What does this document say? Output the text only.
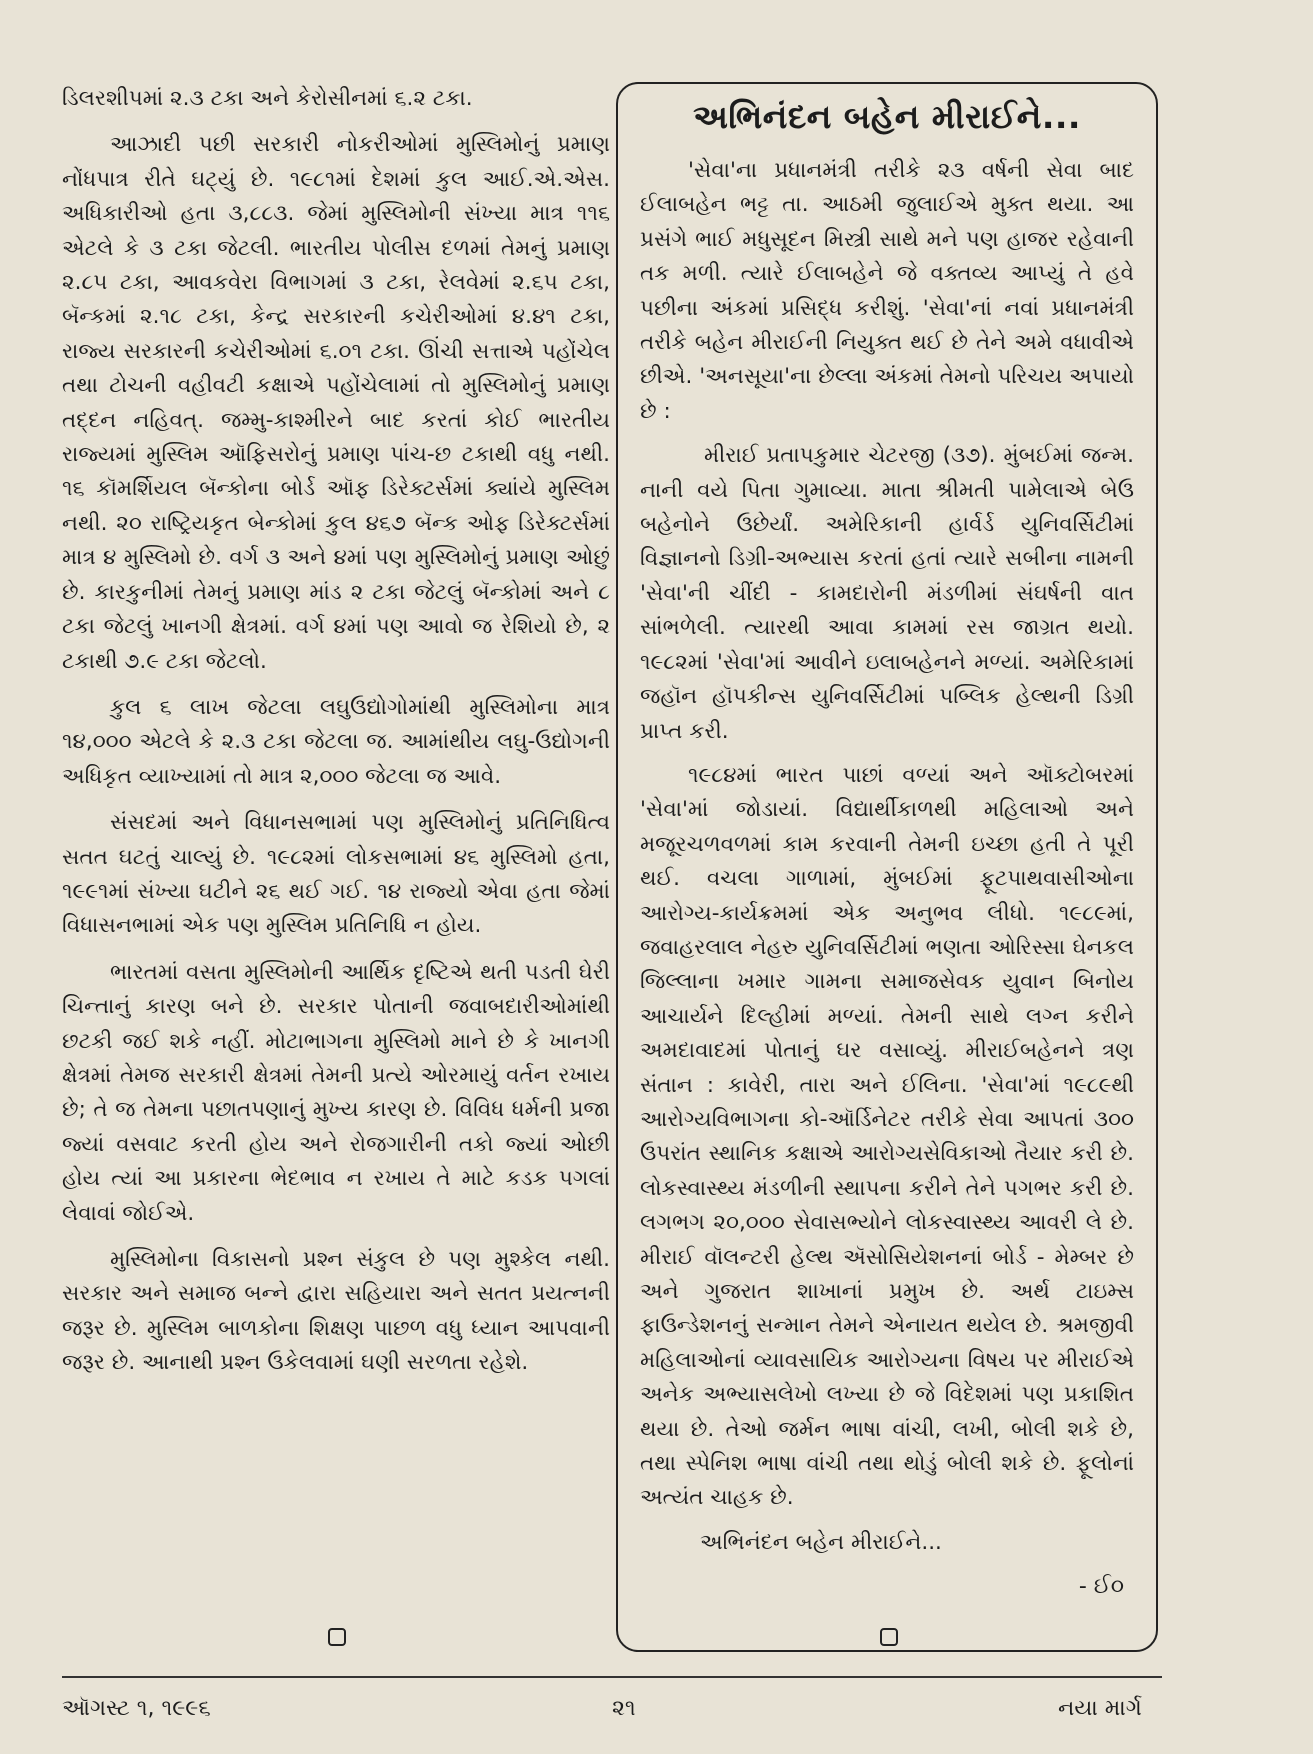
ડિલરશીપમાં ૨.૩ ટકા અને કેરોસીનમાં ૬.૨ ટકા.

આઝાદી પછી સરકારી નોકરીઓમાં મુસ્લિમોનું પ્રમાણ નોંધપાત્ર રીતે ઘટ્યું છે. ૧૯૮૧માં દેશમાં કુલ આઈ.એ.એસ. અધિકારીઓ હતા ૩,૮૮૩. જેમાં મુસ્લિમોની સંખ્યા માત્ર ૧૧૬ એટલે કે ૩ ટકા જેટલી. ભારતીય પોલીસ દળમાં તેમનું પ્રમાણ ૨.૮૫ ટકા, આવકવેરા વિભાગમાં ૩ ટકા, રેલવેમાં ૨.૬૫ ટકા, બૅન્કમાં ૨.૧૮ ટકા, કેન્દ્ર સરકારની કચેરીઓમાં ૪.૪૧ ટકા, રાજ્ય સરકારની કચેરીઓમાં ૬.૦૧ ટકા. ઊંચી સત્તાએ પહોંચેલ તથા ટોચની વહીવટી કક્ષાએ પહોંચેલામાં તો મુસ્લિમોનું પ્રમાણ તદ્દન નહિવત્. જમ્મુ-કાશ્મીરને બાદ કરતાં કોઈ ભારતીય રાજ્યમાં મુસ્લિમ ઑફિસરોનું પ્રમાણ પાંચ-છ ટકાથી વધુ નથી. ૧૬ કૉમર્શિયલ બૅન્કોના બોર્ડ ઑફ ડિરેક્ટર્સમાં ક્યાંયે મુસ્લિમ નથી. ૨૦ રાષ્ટ્રિયકૃત બેન્કોમાં કુલ ૪૬૭ બૅન્ક ઓફ ડિરેક્ટર્સમાં માત્ર ૪ મુસ્લિમો છે. વર્ગ ૩ અને ૪માં પણ મુસ્લિમોનું પ્રમાણ ઓછું છે. કારકુનીમાં તેમનું પ્રમાણ માંડ ૨ ટકા જેટલું બૅન્કોમાં અને ૮ ટકા જેટલું ખાનગી ક્ષેત્રમાં. વર્ગ ૪માં પણ આવો જ રેશિયો છે, ૨ ટકાથી ૭.૯ ટકા જેટલો.

કુલ ૬ લાખ જેટલા લઘુઉદ્યોગોમાંથી મુસ્લિમોના માત્ર ૧૪,૦૦૦ એટલે કે ૨.૩ ટકા જેટલા જ. આમાંથીય લઘુ-ઉદ્યોગની અધિકૃત વ્યાખ્યામાં તો માત્ર ૨,૦૦૦ જેટલા જ આવે.

સંસદમાં અને વિધાનસભામાં પણ મુસ્લિમોનું પ્રતિનિધિત્વ સતત ઘટતું ચાલ્યું છે. ૧૯૮૨માં લોકસભામાં ૪૬ મુસ્લિમો હતા, ૧૯૯૧માં સંખ્યા ઘટીને ૨૬ થઈ ગઈ. ૧૪ રાજ્યો એવા હતા જેમાં વિધાસનભામાં એક પણ મુસ્લિમ પ્રતિનિધિ ન હોય.

ભારતમાં વસતા મુસ્લિમોની આર્થિક દૃષ્ટિએ થતી પડતી ઘેરી ચિન્તાનું કારણ બને છે. સરકાર પોતાની જવાબદારીઓમાંથી છટકી જઈ શકે નહીં. મોટાભાગના મુસ્લિમો માને છે કે ખાનગી ક્ષેત્રમાં તેમજ સરકારી ક્ષેત્રમાં તેમની પ્રત્યે ઓરમાયું વર્તન રખાય છે; તે જ તેમના પછાતપણાનું મુખ્ય કારણ છે. વિવિધ ધર્મની પ્રજા જ્યાં વસવાટ કરતી હોય અને રોજગારીની તકો જ્યાં ઓછી હોય ત્યાં આ પ્રકારના ભેદભાવ ન રખાય તે માટે કડક પગલાં લેવાવાં જોઈએ.

મુસ્લિમોના વિકાસનો પ્રશ્ન સંકુલ છે પણ મુશ્કેલ નથી. સરકાર અને સમાજ બન્ને દ્વારા સહિયારા અને સતત પ્રયત્નની જરૂર છે. મુસ્લિમ બાળકોના શિક્ષણ પાછળ વધુ ધ્યાન આપવાની જરૂર છે. આનાથી પ્રશ્ન ઉકેલવામાં ઘણી સરળતા રહેશે.

અભિનંદન બહેન મીરાઈને...

'સેવા'ના પ્રધાનમંત્રી તરીકે ૨૩ વર્ષની સેવા બાદ ઈલાબહેન ભટ્ટ તા. આઠમી જુલાઈએ મુક્ત થયા. આ પ્રસંગે ભાઈ મધુસૂદન મિસ્ત્રી સાથે મને પણ હાજર રહેવાની તક મળી. ત્યારે ઈલાબહેને જે વક્તવ્ય આપ્યું તે હવે પછીના અંકમાં પ્રસિદ્ધ કરીશું. 'સેવા'નાં નવાં પ્રધાનમંત્રી તરીકે બહેન મીરાઈની નિયુક્ત થઈ છે તેને અમે વધાવીએ છીએ. 'અનસૂયા'ના છેલ્લા અંકમાં તેમનો પરિચય અપાયો છે :

મીરાઈ પ્રતાપકુમાર ચેટરજી (૩૭). મુંબઈમાં જન્મ. નાની વયે પિતા ગુમાવ્યા. માતા શ્રીમતી પામેલાએ બેઉ બહેનોને ઉછેર્યાં. અમેરિકાની હાર્વર્ડ યુનિવર્સિટીમાં વિજ્ઞાનનો ડિગ્રી-અભ્યાસ કરતાં હતાં ત્યારે સબીના નામની 'સેવા'ની ચીંદી - કામદારોની મંડળીમાં સંઘર્ષની વાત સાંભળેલી. ત્યારથી આવા કામમાં રસ જાગ્રત થયો. ૧૯૮૨માં 'સેવા'માં આવીને ઇલાબહેનને મળ્યાં. અમેરિકામાં જહૉન હૉપકીન્સ યુનિવર્સિટીમાં પબ્લિક હેલ્થની ડિગ્રી પ્રાપ્ત કરી.

૧૯૮૪માં ભારત પાછાં વળ્યાં અને ઑક્ટોબરમાં 'સેવા'માં જોડાયાં. વિદ્યાર્થીકાળથી મહિલાઓ અને મજૂરચળવળમાં કામ કરવાની તેમની ઇચ્છા હતી તે પૂરી થઈ. વચલા ગાળામાં, મુંબઈમાં ફૂટપાથવાસીઓના આરોગ્ય-કાર્યક્રમમાં એક અનુભવ લીધો. ૧૯૮૯માં, જવાહરલાલ નેહરુ યુનિવર્સિટીમાં ભણતા ઓરિસ્સા ઘેનકલ જિલ્લાના ખમાર ગામના સમાજસેવક યુવાન બિનોય આચાર્યને દિલ્હીમાં મળ્યાં. તેમની સાથે લગ્ન કરીને અમદાવાદમાં પોતાનું ઘર વસાવ્યું. મીરાઈબહેનને ત્રણ સંતાન : કાવેરી, તારા અને ઈલિના. 'સેવા'માં ૧૯૮૯થી આરોગ્યવિભાગના કો-ઑર્ડિનેટર તરીકે સેવા આપતાં ૩૦૦ ઉપરાંત સ્થાનિક કક્ષાએ આરોગ્યસેવિકાઓ તૈયાર કરી છે. લોકસ્વાસ્થ્ય મંડળીની સ્થાપના કરીને તેને પગભર કરી છે. લગભગ ૨૦,૦૦૦ સેવાસભ્યોને લોકસ્વાસ્થ્ય આવરી લે છે. મીરાઈ વૉલન્ટરી હેલ્થ ઍસોસિયેશનનાં બોર્ડ - મેમ્બર છે અને ગુજરાત શાખાનાં પ્રમુખ છે. અર્થ ટાઇમ્સ ફાઉન્ડેશનનું સન્માન તેમને એનાયત થયેલ છે. શ્રમજીવી મહિલાઓનાં વ્યાવસાયિક આરોગ્યના વિષય પર મીરાઈએ અનેક અભ્યાસલેખો લખ્યા છે જે વિદેશમાં પણ પ્રકાશિત થયા છે. તેઓ જર્મન ભાષા વાંચી, લખી, બોલી શકે છે, તથા સ્પેનિશ ભાષા વાંચી તથા થોડું બોલી શકે છે. ફૂલોનાં અત્યંત ચાહક છે.

અભિનંદન બહેન મીરાઈને...
- ઈ૦
ઑગસ્ટ ૧, ૧૯૯૬	૨૧	નયા માર્ગ
